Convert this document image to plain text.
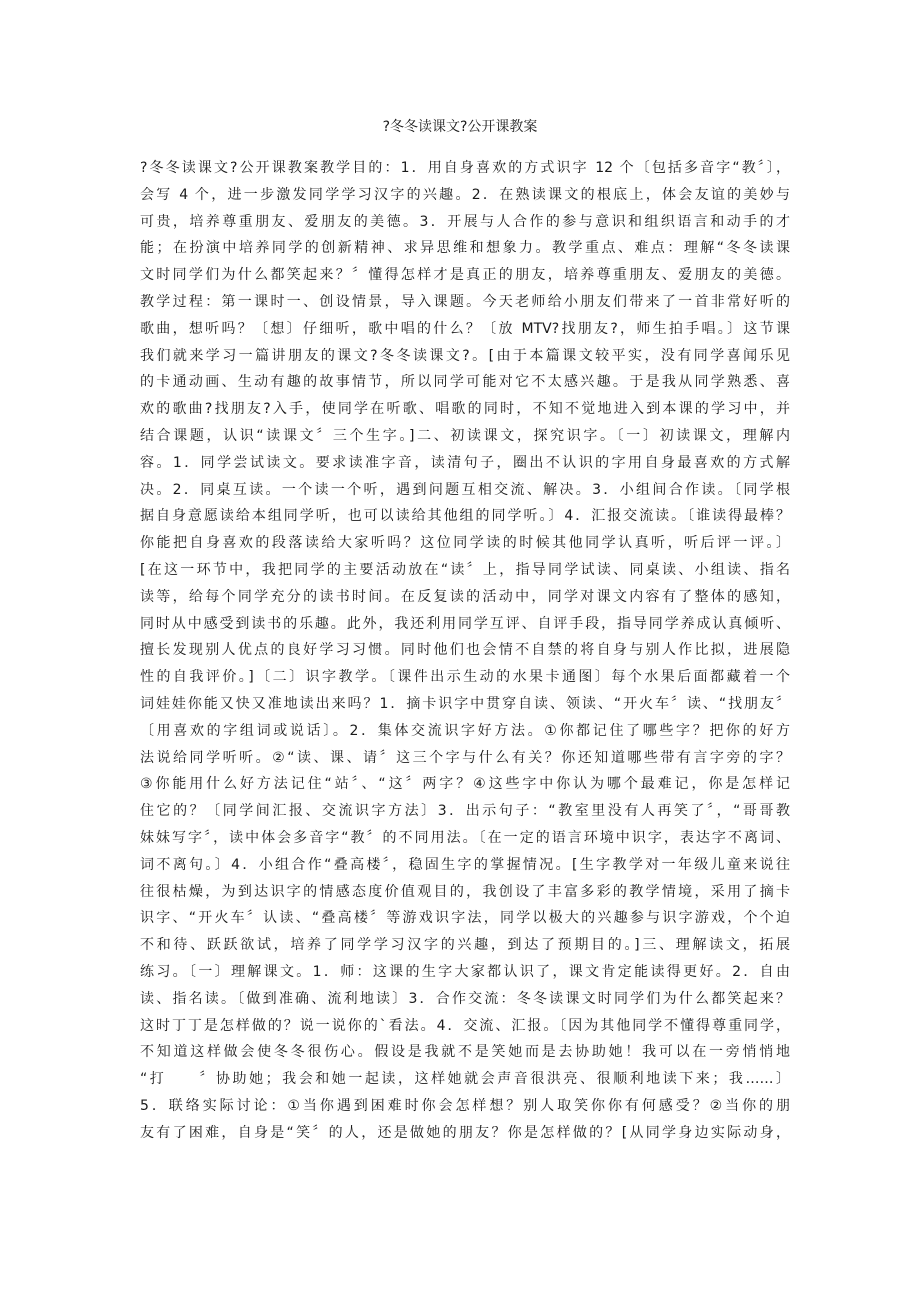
?冬冬读课文?公开课教案
?冬冬读课文?公开课教案教学目的：1．用自身喜欢的方式识字 12 个〔包括多音字“教〞〕，
会写 4 个，进一步激发同学学习汉字的兴趣。2．在熟读课文的根底上，体会友谊的美妙与
可贵，培养尊重朋友、爱朋友的美德。3．开展与人合作的参与意识和组织语言和动手的才
能；在扮演中培养同学的创新精神、求异思维和想象力。教学重点、难点：理解“冬冬读课
文时同学们为什么都笑起来？〞懂得怎样才是真正的朋友，培养尊重朋友、爱朋友的美德。
教学过程：第一课时一、创设情景，导入课题。今天老师给小朋友们带来了一首非常好听的
歌曲，想听吗？〔想〕仔细听，歌中唱的什么？〔放 MTV?找朋友?，师生拍手唱。〕这节课
我们就来学习一篇讲朋友的课文?冬冬读课文?。[由于本篇课文较平实，没有同学喜闻乐见
的卡通动画、生动有趣的故事情节，所以同学可能对它不太感兴趣。于是我从同学熟悉、喜
欢的歌曲?找朋友?入手，使同学在听歌、唱歌的同时，不知不觉地进入到本课的学习中，并
结合课题，认识“读课文〞三个生字。]二、初读课文，探究识字。〔一〕初读课文，理解内
容。1．同学尝试读文。要求读准字音，读清句子，圈出不认识的字用自身最喜欢的方式解
决。2．同桌互读。一个读一个听，遇到问题互相交流、解决。3．小组间合作读。〔同学根
据自身意愿读给本组同学听，也可以读给其他组的同学听。〕4．汇报交流读。〔谁读得最棒？
你能把自身喜欢的段落读给大家听吗？这位同学读的时候其他同学认真听，听后评一评。〕
[在这一环节中，我把同学的主要活动放在“读〞上，指导同学试读、同桌读、小组读、指名
读等，给每个同学充分的读书时间。在反复读的活动中，同学对课文内容有了整体的感知，
同时从中感受到读书的乐趣。此外，我还利用同学互评、自评手段，指导同学养成认真倾听、
擅长发现别人优点的良好学习习惯。同时他们也会情不自禁的将自身与别人作比拟，进展隐
性的自我评价。]〔二〕识字教学。〔课件出示生动的水果卡通图〕每个水果后面都藏着一个
词娃娃你能又快又准地读出来吗？1．摘卡识字中贯穿自读、领读、“开火车〞读、“找朋友〞
〔用喜欢的字组词或说话〕。2．集体交流识字好方法。①你都记住了哪些字？把你的好方
法说给同学听听。②“读、课、请〞这三个字与什么有关？你还知道哪些带有言字旁的字？
③你能用什么好方法记住“站〞、“这〞两字？④这些字中你认为哪个最难记，你是怎样记
住它的？〔同学间汇报、交流识字方法〕3．出示句子：“教室里没有人再笑了〞，“哥哥教
妹妹写字〞，读中体会多音字“教〞的不同用法。〔在一定的语言环境中识字，表达字不离词、
词不离句。〕4．小组合作“叠高楼〞，稳固生字的掌握情况。[生字教学对一年级儿童来说往
往很枯燥，为到达识字的情感态度价值观目的，我创设了丰富多彩的教学情境，采用了摘卡
识字、“开火车〞认读、“叠高楼〞等游戏识字法，同学以极大的兴趣参与识字游戏，个个迫
不和待、跃跃欲试，培养了同学学习汉字的兴趣，到达了预期目的。]三、理解读文，拓展
练习。〔一〕理解课文。1．师：这课的生字大家都认识了，课文肯定能读得更好。2．自由
读、指名读。〔做到准确、流利地读〕3．合作交流：冬冬读课文时同学们为什么都笑起来？
这时丁丁是怎样做的？说一说你的`看法。4．交流、汇报。〔因为其他同学不懂得尊重同学，
不知道这样做会使冬冬很伤心。假设是我就不是笑她而是去协助她！我可以在一旁悄悄地
“打　　〞协助她；我会和她一起读，这样她就会声音很洪亮、很顺利地读下来；我……〕
5．联络实际讨论：①当你遇到困难时你会怎样想？别人取笑你你有何感受？②当你的朋
友有了困难，自身是“笑〞的人，还是做她的朋友？你是怎样做的？[从同学身边实际动身，
